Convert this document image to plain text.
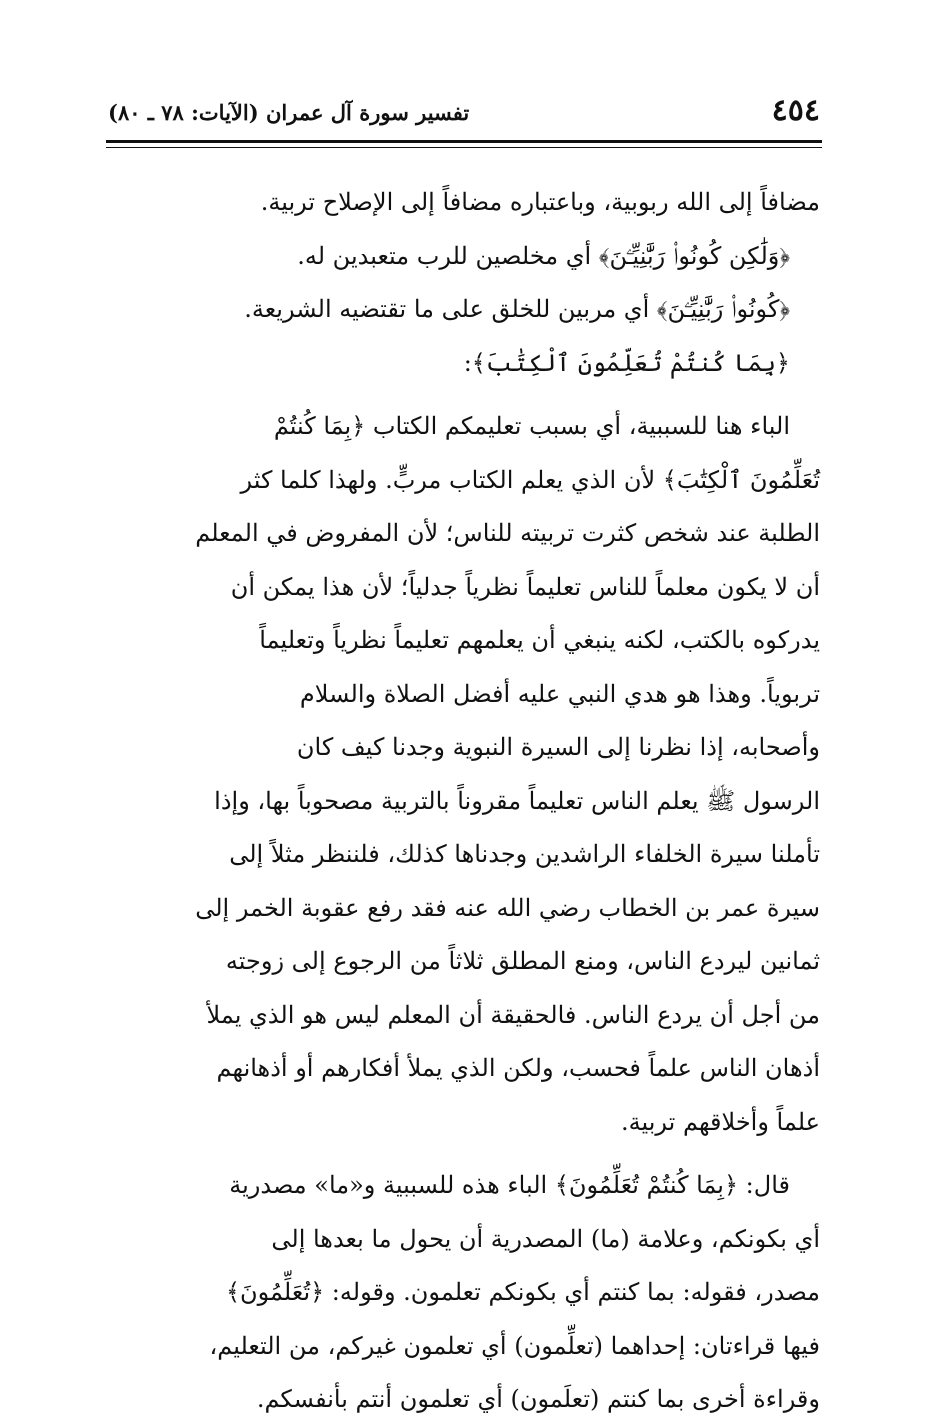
٤٥٤
تفسير سورة آل عمران (الآيات: ٧٨ ـ ٨٠)
مضافاً إلى الله ربوبية، وباعتباره مضافاً إلى الإصلاح تربية.
﴿وَلَٰكِن كُونُوا۟ رَبَّٰنِيِّـۧنَ﴾ أي مخلصين للرب متعبدين له.
﴿كُونُوا۟ رَبَّٰنِيِّـۧنَ﴾ أي مربين للخلق على ما تقتضيه الشريعة.
﴿بِمَا كُنتُمْ تُعَلِّمُونَ ٱلْكِتَٰبَ﴾:
الباء هنا للسببية، أي بسبب تعليمكم الكتاب ﴿بِمَا كُنتُمْ
تُعَلِّمُونَ ٱلْكِتَٰبَ﴾ لأن الذي يعلم الكتاب مربٍّ. ولهذا كلما كثر
الطلبة عند شخص كثرت تربيته للناس؛ لأن المفروض في المعلم
أن لا يكون معلماً للناس تعليماً نظرياً جدلياً؛ لأن هذا يمكن أن
يدركوه بالكتب، لكنه ينبغي أن يعلمهم تعليماً نظرياً وتعليماً
تربوياً. وهذا هو هدي النبي عليه أفضل الصلاة والسلام
وأصحابه، إذا نظرنا إلى السيرة النبوية وجدنا كيف كان
الرسول ﷺ يعلم الناس تعليماً مقروناً بالتربية مصحوباً بها، وإذا
تأملنا سيرة الخلفاء الراشدين وجدناها كذلك، فلننظر مثلاً إلى
سيرة عمر بن الخطاب رضي الله عنه فقد رفع عقوبة الخمر إلى
ثمانين ليردع الناس، ومنع المطلق ثلاثاً من الرجوع إلى زوجته
من أجل أن يردع الناس. فالحقيقة أن المعلم ليس هو الذي يملأ
أذهان الناس علماً فحسب، ولكن الذي يملأ أفكارهم أو أذهانهم
علماً وأخلاقهم تربية.
قال: ﴿بِمَا كُنتُمْ تُعَلِّمُونَ﴾ الباء هذه للسببية و«ما» مصدرية
أي بكونكم، وعلامة (ما) المصدرية أن يحول ما بعدها إلى
مصدر، فقوله: بما كنتم أي بكونكم تعلمون. وقوله: ﴿تُعَلِّمُونَ﴾
فيها قراءتان: إحداهما (تعلِّمون) أي تعلمون غيركم، من التعليم،
وقراءة أخرى بما كنتم (تعلَمون) أي تعلمون أنتم بأنفسكم.
